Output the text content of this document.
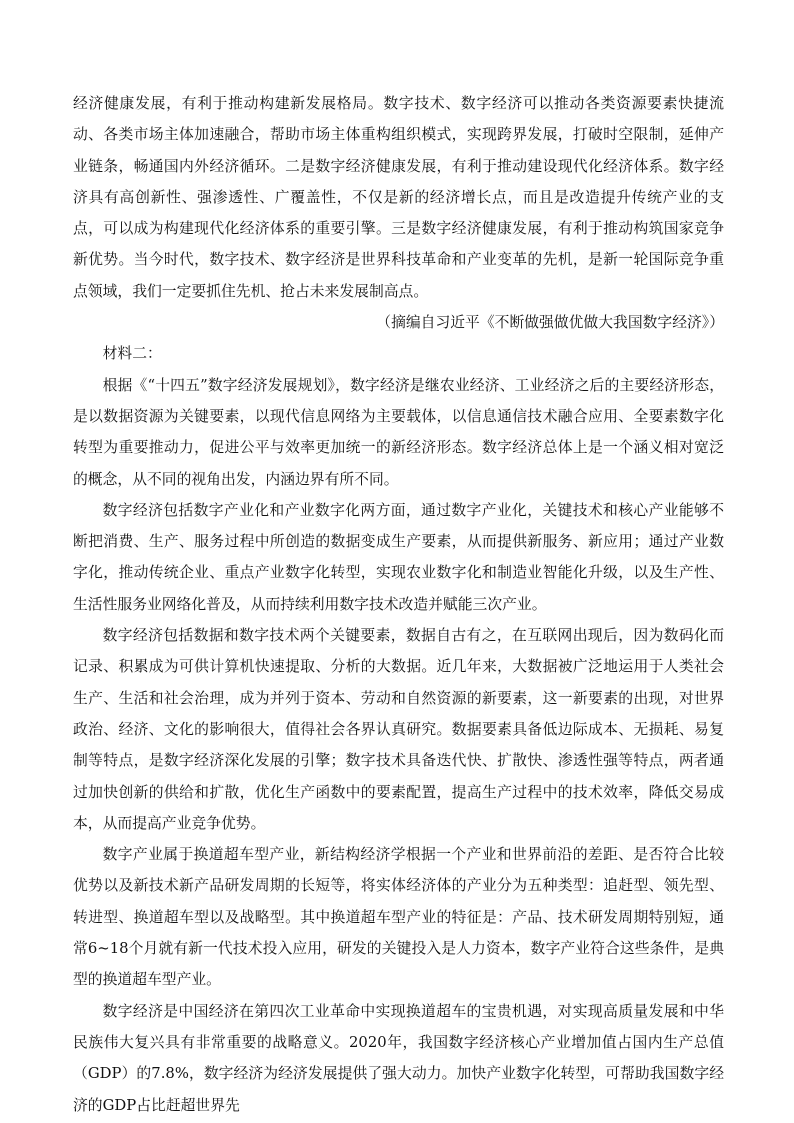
经济健康发展，有利于推动构建新发展格局。数字技术、数字经济可以推动各类资源要素快捷流动、各类市场主体加速融合，帮助市场主体重构组织模式，实现跨界发展，打破时空限制，延伸产业链条，畅通国内外经济循环。二是数字经济健康发展，有利于推动建设现代化经济体系。数字经济具有高创新性、强渗透性、广覆盖性，不仅是新的经济增长点，而且是改造提升传统产业的支点，可以成为构建现代化经济体系的重要引擎。三是数字经济健康发展，有利于推动构筑国家竞争新优势。当今时代，数字技术、数字经济是世界科技革命和产业变革的先机，是新一轮国际竞争重点领域，我们一定要抓住先机、抢占未来发展制高点。

（摘编自习近平《不断做强做优做大我国数字经济》）

材料二：

根据《“十四五”数字经济发展规划》，数字经济是继农业经济、工业经济之后的主要经济形态，是以数据资源为关键要素，以现代信息网络为主要载体，以信息通信技术融合应用、全要素数字化转型为重要推动力，促进公平与效率更加统一的新经济形态。数字经济总体上是一个涵义相对宽泛的概念，从不同的视角出发，内涵边界有所不同。

数字经济包括数字产业化和产业数字化两方面，通过数字产业化，关键技术和核心产业能够不断把消费、生产、服务过程中所创造的数据变成生产要素，从而提供新服务、新应用；通过产业数字化，推动传统企业、重点产业数字化转型，实现农业数字化和制造业智能化升级，以及生产性、生活性服务业网络化普及，从而持续利用数字技术改造并赋能三次产业。

数字经济包括数据和数字技术两个关键要素，数据自古有之，在互联网出现后，因为数码化而记录、积累成为可供计算机快速提取、分析的大数据。近几年来，大数据被广泛地运用于人类社会生产、生活和社会治理，成为并列于资本、劳动和自然资源的新要素，这一新要素的出现，对世界政治、经济、文化的影响很大，值得社会各界认真研究。数据要素具备低边际成本、无损耗、易复制等特点，是数字经济深化发展的引擎；数字技术具备迭代快、扩散快、渗透性强等特点，两者通过加快创新的供给和扩散，优化生产函数中的要素配置，提高生产过程中的技术效率，降低交易成本，从而提高产业竞争优势。

数字产业属于换道超车型产业，新结构经济学根据一个产业和世界前沿的差距、是否符合比较优势以及新技术新产品研发周期的长短等，将实体经济体的产业分为五种类型：追赶型、领先型、转进型、换道超车型以及战略型。其中换道超车型产业的特征是：产品、技术研发周期特别短，通常6~18个月就有新一代技术投入应用，研发的关键投入是人力资本，数字产业符合这些条件，是典型的换道超车型产业。

数字经济是中国经济在第四次工业革命中实现换道超车的宝贵机遇，对实现高质量发展和中华民族伟大复兴具有非常重要的战略意义。2020年，我国数字经济核心产业增加值占国内生产总值（GDP）的7.8%，数字经济为经济发展提供了强大动力。加快产业数字化转型，可帮助我国数字经济的GDP占比赶超世界先
